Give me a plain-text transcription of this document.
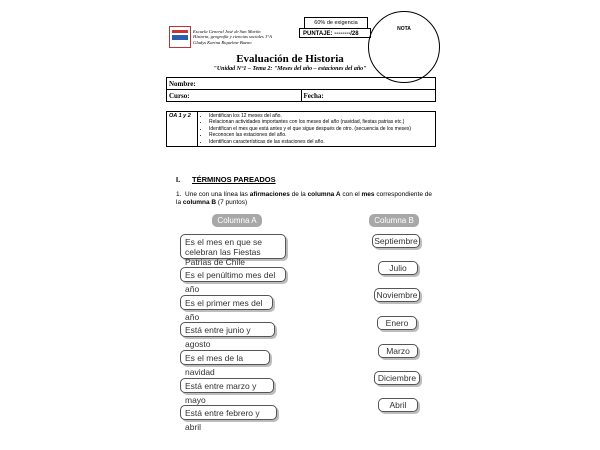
Escuela General José de San Martín
Historia, geografía y ciencias sociales 1°A
Gladys Karina Riquelme Bueno
60% de exigencia
PUNTAJE: --------/28
NOTA
Evaluación de Historia
"Unidad N°1 – Tema 2: "Meses del año – estaciones del año"
Nombre:
Curso:	Fecha:
OA 1 y 2	
•Identifican los 12 meses del año.
• Relacionan actividades importantes con los meses del año (navidad, fiestas patrias etc.)
• Identifican el mes que está antes y el que sigue después de otro. (secuencia de los meses)
• Reconocen las estaciones del año.
• Identifican características de las estaciones del año.
I. TÉRMINOS PAREADOS
1. Une con una línea las afirmaciones de la columna A con el mes correspondiente de la columna B (7 puntos)
Columna A	Columna B
Es el mes en que se celebran las Fiestas Patrias de Chile
Es el penúltimo mes del año
Es el primer mes del año
Está entre junio y agosto
Es el mes de la navidad
Está entre marzo y mayo
Está entre febrero y abril
Septiembre
Julio
Noviembre
Enero
Marzo
Diciembre
Abril
